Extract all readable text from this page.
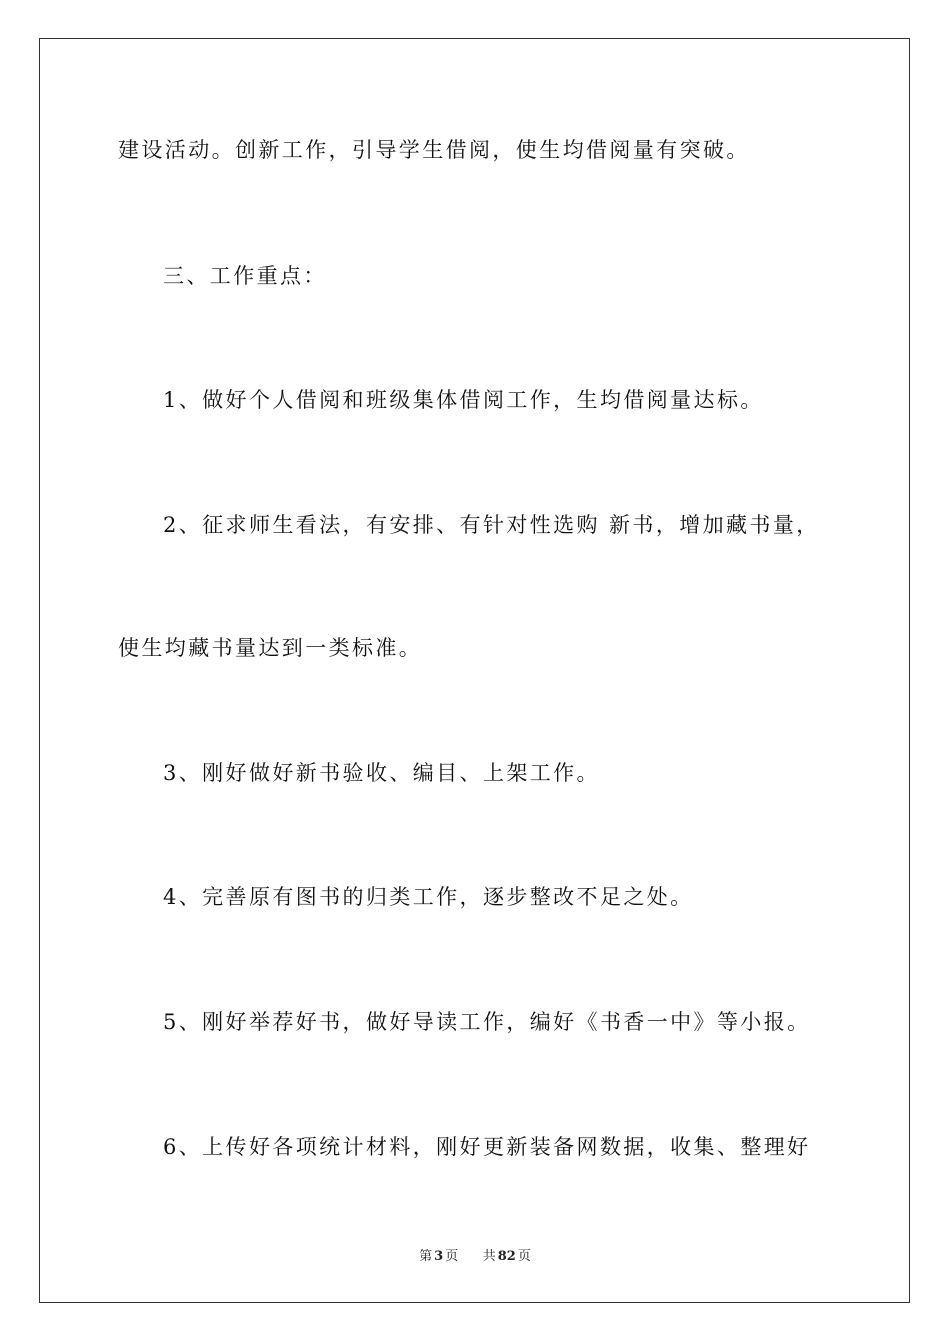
建设活动。创新工作，引导学生借阅，使生均借阅量有突破。
三、工作重点：
1、做好个人借阅和班级集体借阅工作，生均借阅量达标。
2、征求师生看法，有安排、有针对性选购 新书，增加藏书量，
使生均藏书量达到一类标准。
3、刚好做好新书验收、编目、上架工作。
4、完善原有图书的归类工作，逐步整改不足之处。
5、刚好举荐好书，做好导读工作，编好《书香一中》等小报。
6、上传好各项统计材料，刚好更新装备网数据，收集、整理好
第 3 页 共 82 页
